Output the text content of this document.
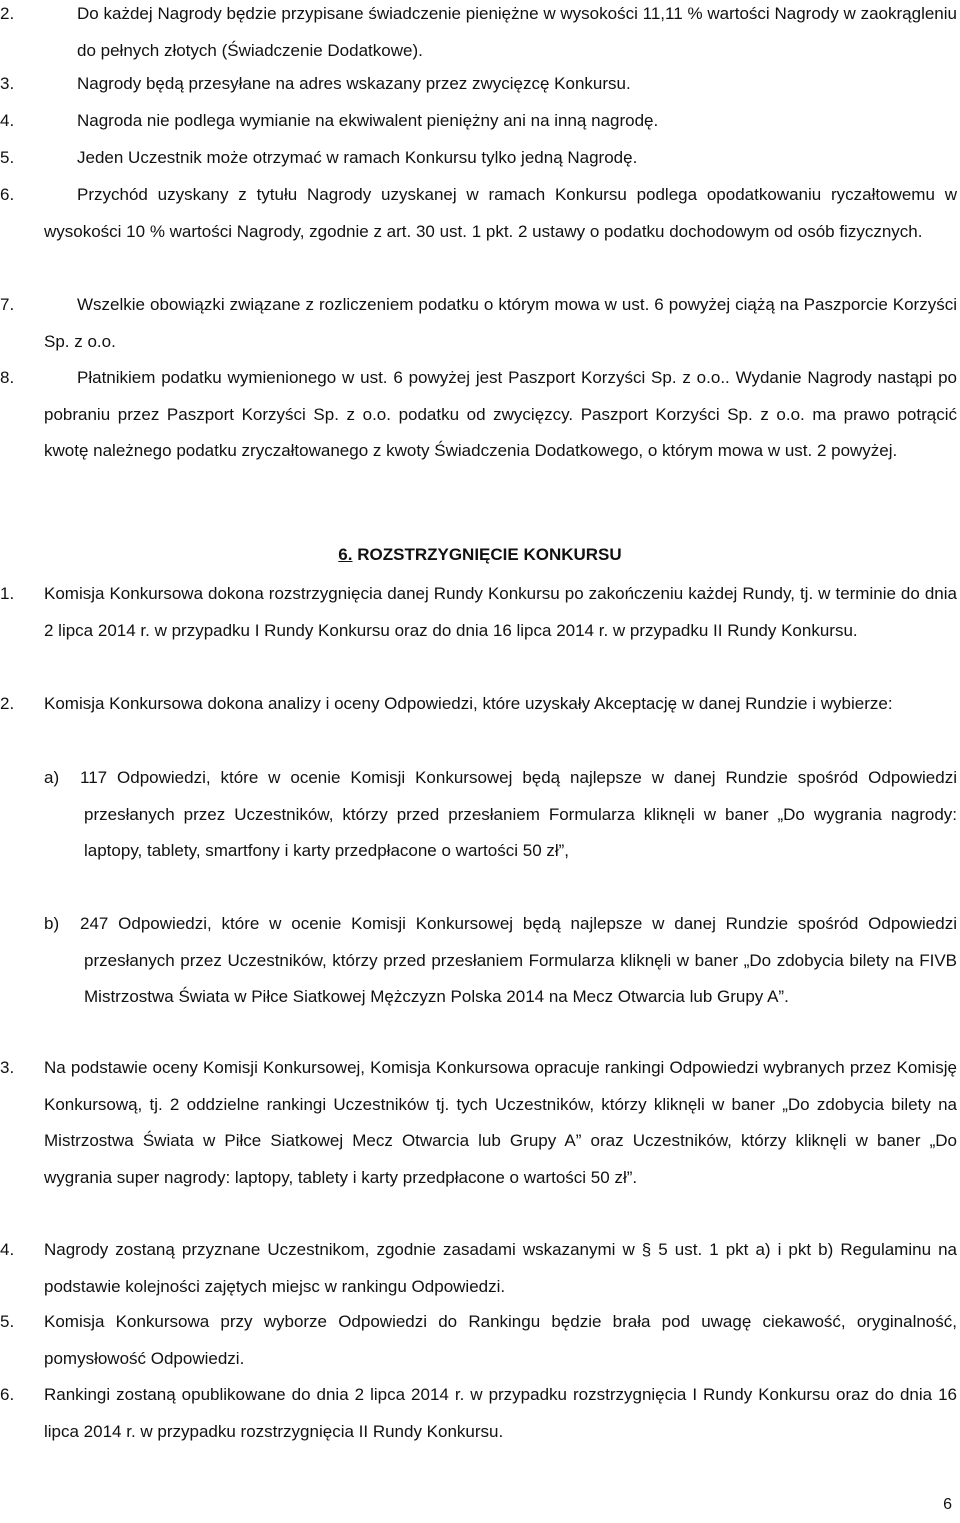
2.	Do każdej Nagrody będzie przypisane świadczenie pieniężne w wysokości 11,11 % wartości Nagrody w zaokrągleniu do pełnych złotych (Świadczenie Dodatkowe).
3.	Nagrody będą przesyłane na adres wskazany przez zwycięzcę Konkursu.
4.	Nagroda nie podlega wymianie na ekwiwalent pieniężny ani na inną nagrodę.
5.	Jeden Uczestnik może otrzymać w ramach Konkursu tylko jedną Nagrodę.
6.	Przychód uzyskany z tytułu Nagrody uzyskanej w ramach Konkursu podlega opodatkowaniu ryczałtowemu w wysokości 10 % wartości Nagrody, zgodnie z art. 30 ust. 1 pkt. 2 ustawy o podatku dochodowym od osób fizycznych.
7.	Wszelkie obowiązki związane z rozliczeniem podatku o którym mowa w ust. 6 powyżej ciążą na Paszporcie Korzyści Sp. z o.o.
8.	Płatnikiem podatku wymienionego w ust. 6 powyżej jest Paszport Korzyści Sp. z o.o.. Wydanie Nagrody nastąpi po pobraniu przez Paszport Korzyści Sp. z o.o. podatku od zwycięzcy. Paszport Korzyści Sp. z o.o. ma prawo potrącić kwotę należnego podatku zryczałtowanego z kwoty Świadczenia Dodatkowego, o którym mowa w ust. 2 powyżej.
6. ROZSTRZYGNIĘCIE KONKURSU
1.	Komisja Konkursowa dokona rozstrzygnięcia danej Rundy Konkursu po zakończeniu każdej Rundy, tj. w terminie do dnia 2 lipca 2014 r. w przypadku I Rundy Konkursu oraz do dnia 16 lipca 2014 r. w przypadku II Rundy Konkursu.
2.	Komisja Konkursowa dokona analizy i oceny Odpowiedzi, które uzyskały Akceptację w danej Rundzie i wybierze:
a)	117 Odpowiedzi, które w ocenie Komisji Konkursowej będą najlepsze w danej Rundzie spośród Odpowiedzi przesłanych przez Uczestników, którzy przed przesłaniem Formularza kliknęli w baner „Do wygrania nagrody: laptopy, tablety, smartfony i karty przedpłacone o wartości 50 zł”,
b)	247 Odpowiedzi, które w ocenie Komisji Konkursowej będą najlepsze w danej Rundzie spośród Odpowiedzi przesłanych przez Uczestników, którzy przed przesłaniem Formularza kliknęli w baner „Do zdobycia bilety na FIVB Mistrzostwa Świata w Piłce Siatkowej Mężczyzn Polska 2014 na Mecz Otwarcia lub Grupy A”.
3.	Na podstawie oceny Komisji Konkursowej, Komisja Konkursowa opracuje rankingi Odpowiedzi wybranych przez Komisję Konkursową, tj. 2 oddzielne rankingi Uczestników tj. tych Uczestników, którzy kliknęli w baner „Do zdobycia bilety na Mistrzostwa Świata w Piłce Siatkowej Mecz Otwarcia lub Grupy A” oraz Uczestników, którzy kliknęli w baner „Do wygrania super nagrody: laptopy, tablety i karty przedpłacone o wartości 50 zł”.
4.	Nagrody zostaną przyznane Uczestnikom, zgodnie zasadami wskazanymi w § 5 ust. 1 pkt a) i pkt b) Regulaminu na podstawie kolejności zajętych miejsc w rankingu Odpowiedzi.
5.	Komisja Konkursowa przy wyborze Odpowiedzi do Rankingu będzie brała pod uwagę ciekawość, oryginalność, pomysłowość Odpowiedzi.
6.	Rankingi zostaną opublikowane do dnia 2 lipca 2014 r. w przypadku rozstrzygnięcia I Rundy Konkursu oraz do dnia 16 lipca 2014 r. w przypadku rozstrzygnięcia II Rundy Konkursu.
6
